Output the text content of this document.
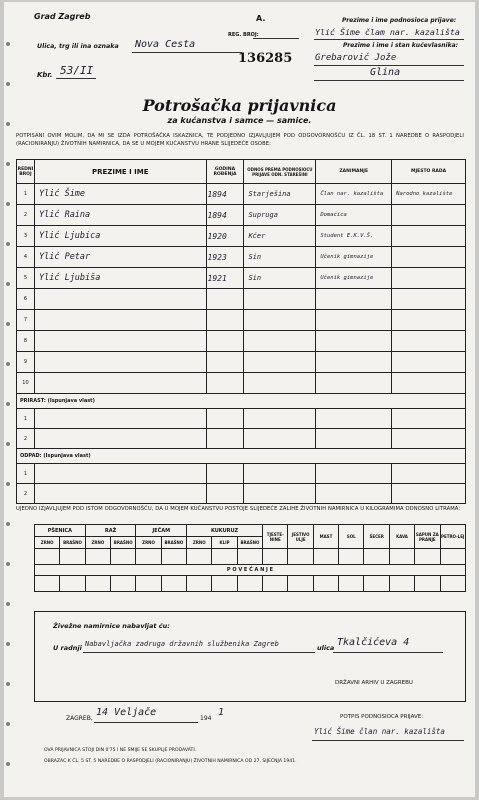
Grad Zagreb	A.
REG. BROJ:
136285
Ulica, trg ili ina oznaka Nova Cesta
Kbr. 53/II
Prezime i ime podnosioca prijave:
Ylić Šime člam nar. kazališta
Prezime i ime i stan kućevlasnika:
Grebarović Jože
Glina
Potrošačka prijavnica
za kućanstva i samce — samice.
POTPISANI OVIM MOLIM, DA MI SE IZDA POTROŠAČKA ISKAZNICA, TE PODJEDNO IZJAVLJUJEM POD ODGOVORNOŠĆU IZ ČL. 18 ST. 1 NAREDBE O RASPODJELI (RACIONIRANJU) ŽIVOTNIH NAMIRNICA, DA SE U MOJEM KUĆANSTVU HRANE SLIJEDEĆE OSOBE:
REDNI BROJ	PREZIME I IME	GODINA ROĐENJA	ODNOS PREMA PODNOSIOCU PRIJAVE ODN. STAREŠINI	ZANIMANJE	MJESTO RADA
1	Ylić Šime	1894	Starješina	Član nar. kazališta	Narodno kazalište
2	Ylić Raina	1894	Supruga	Domaćica	
3	Ylić Ljubica	1920	Kćer	Student E.K.V.Š.	
4	Ylić Petar	1923	Sin	Učenik gimnazije	
5	Ylić Ljubiša	1921	Sin	Učenik gimnazije	
6					
7					
8					
9					
10					
PRIRAST: (Ispunjava vlast)					
1					
2					
ODPAD: (Ispunjava vlast)					
1					
2					
UJEDNO IZJAVLJUJEM POD ISTOM ODGOVORNOŠĆU, DA U MOJEM KUĆANSTVU POSTOJE SLIJEDEĆE ZALIHE ŽIVOTNIH NAMIRNICA U KILOGRAMIMA ODNOSNO LITRAMA:
PŠENICA		RAŽ		JEČAM		KUKURUZ			TJESTE-NINE	JESTIVO ULJE	MAST	SOL	ŠEĆER	KAVA	SAPUN ZA PRANJE	PETRO-LEJ
ZRNO	BRAŠNO	ZRNO	BRAŠNO	ZRNO	BRAŠNO	ZRNO	KLIP	BRAŠNO								

P O V E Ć A N J E																

Živežne namirnice nabavljat ću:
U radnji Nabavljačka zadruga državnih službenika Zagreb	ulica Tkalčićeva 4
DRŽAVNI ARHIV U ZAGREBU
ZAGREB,
14 Veljače
194
1	POTPIS PODNOSIOCA PRIJAVE:
Ylić Šime član nar. kazališta
OVA PRIJAVNICA STOJI DIN 0'75 I NE SMIJE SE SKUPLJE PRODAVATI.
OBRAZAC K ČL. 5 ST. 5 NAREDBE O RASPODJELI (RACIONIRANJU) ŽIVOTNIH NAMIRNICA OD 27. SIJEČNJA 1941.
